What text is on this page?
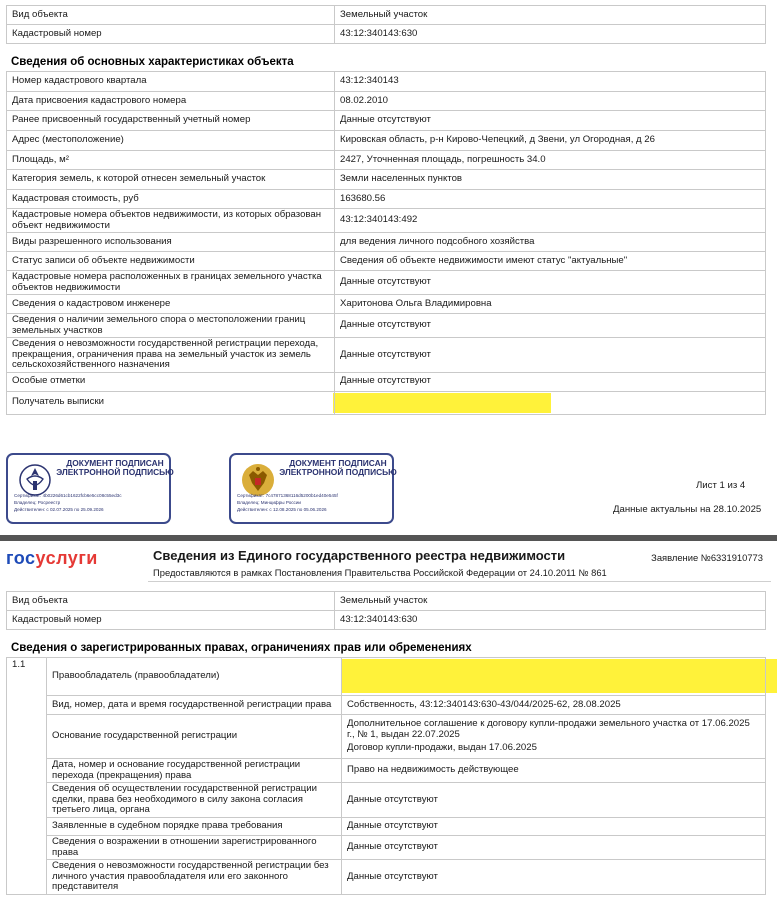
Вид объекта	Земельный участок
Кадастровый номер	43:12:340143:630
Сведения об основных характеристиках объекта
Номер кадастрового квартала	43:12:340143
Дата присвоения кадастрового номера	08.02.2010
Ранее присвоенный государственный учетный номер	Данные отсутствуют
Адрес (местоположение)	Кировская область, р-н Кирово-Чепецкий, д Звени, ул Огородная, д 26
Площадь, м²	2427, Уточненная площадь, погрешность 34.0
Категория земель, к которой отнесен земельный участок	Земли населенных пунктов
Кадастровая стоимость, руб	163680.56
Кадастровые номера объектов недвижимости, из которых образован объект недвижимости	43:12:340143:492
Виды разрешенного использования	для ведения личного подсобного хозяйства
Статус записи об объекте недвижимости	Сведения об объекте недвижимости имеют статус "актуальные"
Кадастровые номера расположенных в границах земельного участка объектов недвижимости	Данные отсутствуют
Сведения о кадастровом инженере	Харитонова Ольга Владимировна
Сведения о наличии земельного спора о местоположении границ земельных участков	Данные отсутствуют
Сведения о невозможности государственной регистрации перехода, прекращения, ограничения права на земельный участок из земель сельскохозяйственного назначения	Данные отсутствуют
Особые отметки	Данные отсутствуют
Получатель выписки	
ДОКУМЕНТ ПОДПИСАН ЭЛЕКТРОННОЙ ПОДПИСЬЮ
Сертификат: 4b0226d61cb1622fcb6e5cc08c55ed3c
Владелец: Росреестр
Действителен: с 02.07.2025 по 25.09.2026
ДОКУМЕНТ ПОДПИСАН ЭЛЕКТРОННОЙ ПОДПИСЬЮ
Сертификат: 7c47871368116d5200b1ed40e545f
Владелец: Минцифры России
Действителен: с 12.08.2025 по 05.06.2026
Лист 1 из 4
Данные актуальны на 28.10.2025
госуслуги	Сведения из Единого государственного реестра недвижимости
Предоставляются в рамках Постановления Правительства Российской Федерации от 24.10.2011 № 861
Заявление №6331910773
Вид объекта	Земельный участок
Кадастровый номер	43:12:340143:630
Сведения о зарегистрированных правах, ограничениях прав или обременениях
1.1	Правообладатель (правообладатели)	

	Вид, номер, дата и время государственной регистрации права	Собственность, 43:12:340143:630-43/044/2025-62, 28.08.2025
	Основание государственной регистрации	Дополнительное соглашение к договору купли-продажи земельного участка от 17.06.2025 г., № 1, выдан 22.07.2025
Договор купли-продажи, выдан 17.06.2025

	Дата, номер и основание государственной регистрации перехода (прекращения) права	Право на недвижимость действующее
	Сведения об осуществлении государственной регистрации сделки, права без необходимого в силу закона согласия третьего лица, органа	Данные отсутствуют
	Заявленные в судебном порядке права требования	Данные отсутствуют
	Сведения о возражении в отношении зарегистрированного права	Данные отсутствуют
	Сведения о невозможности государственной регистрации без личного участия правообладателя или его законного представителя	Данные отсутствуют
